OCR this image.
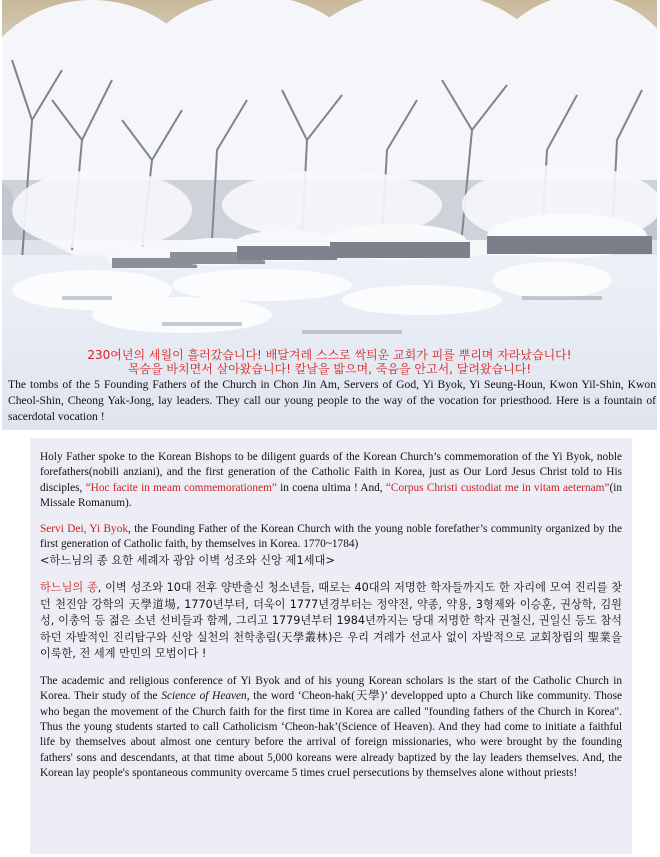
230여년의 세월이 흘러갔습니다! 배달겨레 스스로 싹틔운 교회가 피를 뿌리며 자라났습니다!
목숨을 바치면서 살아왔습니다! 칼날을 밟으며, 죽음을 안고서, 달려왔습니다!
The tombs of the 5 Founding Fathers of the Church in Chon Jin Am, Servers of God, Yi Byok, Yi Seung-Houn, Kwon Yil-Shin, Kwon Cheol-Shin, Cheong Yak-Jong, lay leaders. They call our young people to the way of the vocation for priesthood. Here is a fountain of sacerdotal vocation !

Holy Father spoke to the Korean Bishops to be diligent guards of the Korean Church’s commemoration of the Yi Byok, noble forefathers(nobili anziani), and the first generation of the Catholic Faith in Korea, just as Our Lord Jesus Christ told to His disciples, “Hoc facite in meam commemorationem” in coena ultima ! And, “Corpus Christi custodiat me in vitam aeternam”(in Missale Romanum).

Servi Dei, Yi Byok, the Founding Father of the Korean Church with the young noble forefather’s community organized by the first generation of Catholic faith, by themselves in Korea. 1770~1784)
<하느님의 종 요한 세례자 광암 이벽 성조와 신앙 제1세대>

하느님의 종, 이벽 성조와 10대 전후 양반출신 청소년들, 때로는 40대의 저명한 학자들까지도 한 자리에 모여 진리를 찾던 천진암 강학의 天學道場, 1770년부터, 더욱이 1777년경부터는 정약전, 약종, 약용, 3형제와 이승훈, 권상학, 김원성, 이총억 등 젊은 소년 선비들과 함께, 그리고 1779년부터 1984년까지는 당대 저명한 학자 권철신, 권일신 등도 참석하던 자발적인 진리탐구와 신앙 실천의 천학총림(天學叢林)은 우리 겨레가 선교사 없이 자발적으로 교회창립의 聖業을 이룩한, 전 세계 만민의 모범이다 !

The academic and religious conference of Yi Byok and of his young Korean scholars is the start of the Catholic Church in Korea. Their study of the Science of Heaven, the word ‘Cheon-hak(天學)’ developped upto a Church like community. Those who began the movement of the Church faith for the first time in Korea are called "founding fathers of the Church in Korea". Thus the young students started to call Catholicism ‘Cheon-hak’(Science of Heaven). And they had come to initiate a faithful life by themselves about almost one century before the arrival of foreign missionaries, who were brought by the founding fathers' sons and descendants, at that time about 5,000 koreans were already baptized by the lay leaders themselves. And, the Korean lay people's spontaneous community overcame 5 times cruel persecutions by themselves alone without priests!
